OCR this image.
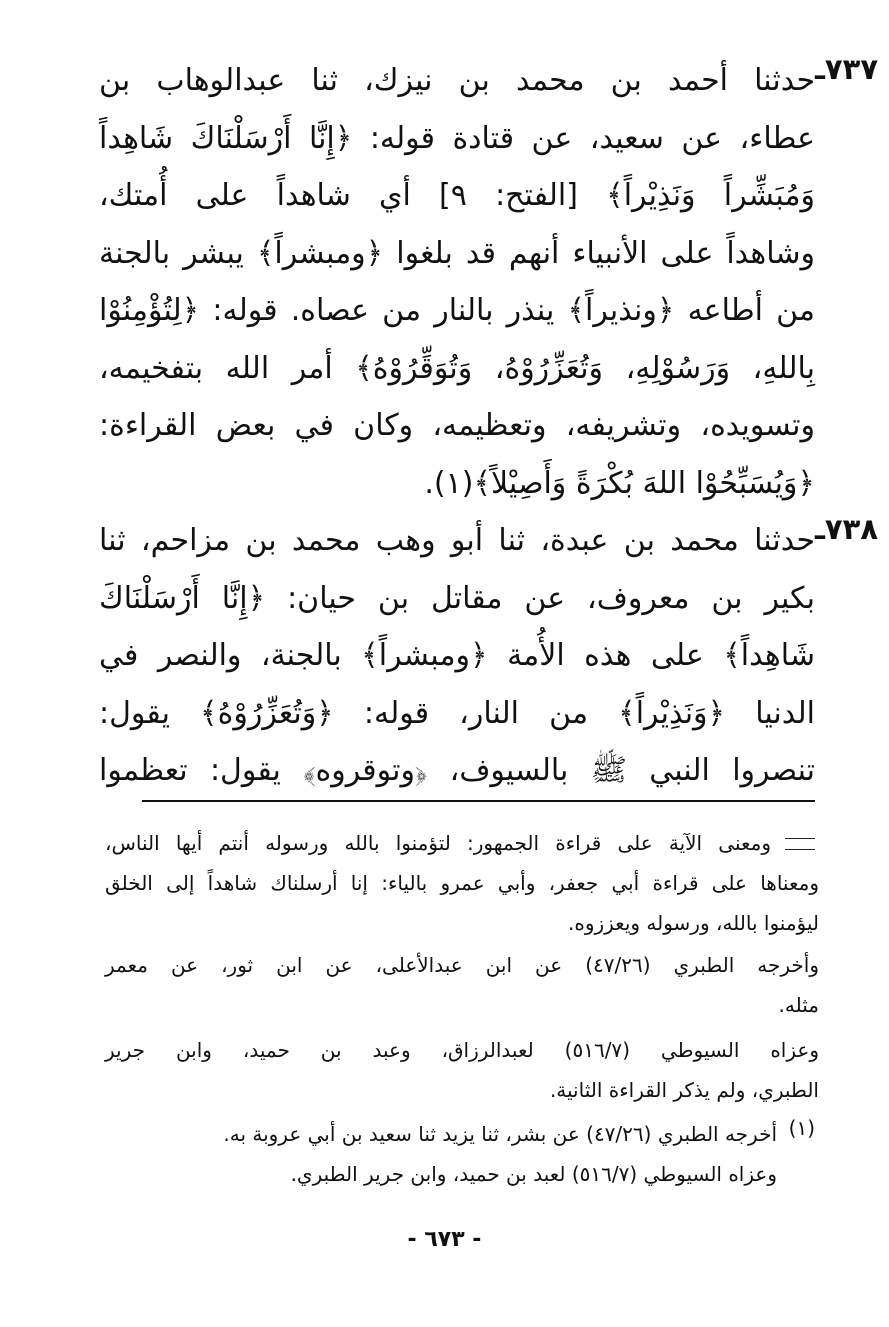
٧٣٧ـ
حدثنا أحمد بن محمد بن نيزك، ثنا عبدالوهاب بن
عطاء، عن سعيد، عن قتادة قوله: ﴿إِنَّا أَرْسَلْنَاكَ شَاهِداً
وَمُبَشِّراً وَنَذِيْراً﴾ [الفتح: ٩] أي شاهداً على أُمتك،
وشاهداً على الأنبياء أنهم قد بلغوا ﴿ومبشراً﴾ يبشر بالجنة
من أطاعه ﴿ونذيراً﴾ ينذر بالنار من عصاه. قوله: ﴿لِتُؤْمِنُوْا
بِاللهِ، وَرَسُوْلِهِ، وَتُعَزِّرُوْهُ، وَتُوَقِّرُوْهُ﴾ أمر الله بتفخيمه،
وتسويده، وتشريفه، وتعظيمه، وكان في بعض القراءة:
﴿وَيُسَبِّحُوْا اللهَ بُكْرَةً وَأَصِيْلاً﴾(١).
٧٣٨ـ
حدثنا محمد بن عبدة، ثنا أبو وهب محمد بن مزاحم، ثنا
بكير بن معروف، عن مقاتل بن حيان: ﴿إِنَّا أَرْسَلْنَاكَ
شَاهِداً﴾ على هذه الأُمة ﴿ومبشراً﴾ بالجنة، والنصر في
الدنيا ﴿وَنَذِيْراً﴾ من النار، قوله: ﴿وَتُعَزِّرُوْهُ﴾ يقول:
تنصروا النبي ﷺ بالسيوف، ﴿وتوقروه﴾ يقول: تعظموا
ومعنى الآية على قراءة الجمهور: لتؤمنوا بالله ورسوله أنتم أيها الناس،
ومعناها على قراءة أبي جعفر، وأبي عمرو بالياء: إنا أرسلناك شاهداً إلى الخلق
ليؤمنوا بالله، ورسوله ويعززوه.
وأخرجه الطبري (٤٧/٢٦) عن ابن عبدالأعلى، عن ابن ثور، عن معمر
مثله.
وعزاه السيوطي (٥١٦/٧) لعبدالرزاق، وعبد بن حميد، وابن جرير
الطبري، ولم يذكر القراءة الثانية.
(١)
أخرجه الطبري (٤٧/٢٦) عن بشر، ثنا يزيد ثنا سعيد بن أبي عروبة به.
وعزاه السيوطي (٥١٦/٧) لعبد بن حميد، وابن جرير الطبري.
- ٦٧٣ -
